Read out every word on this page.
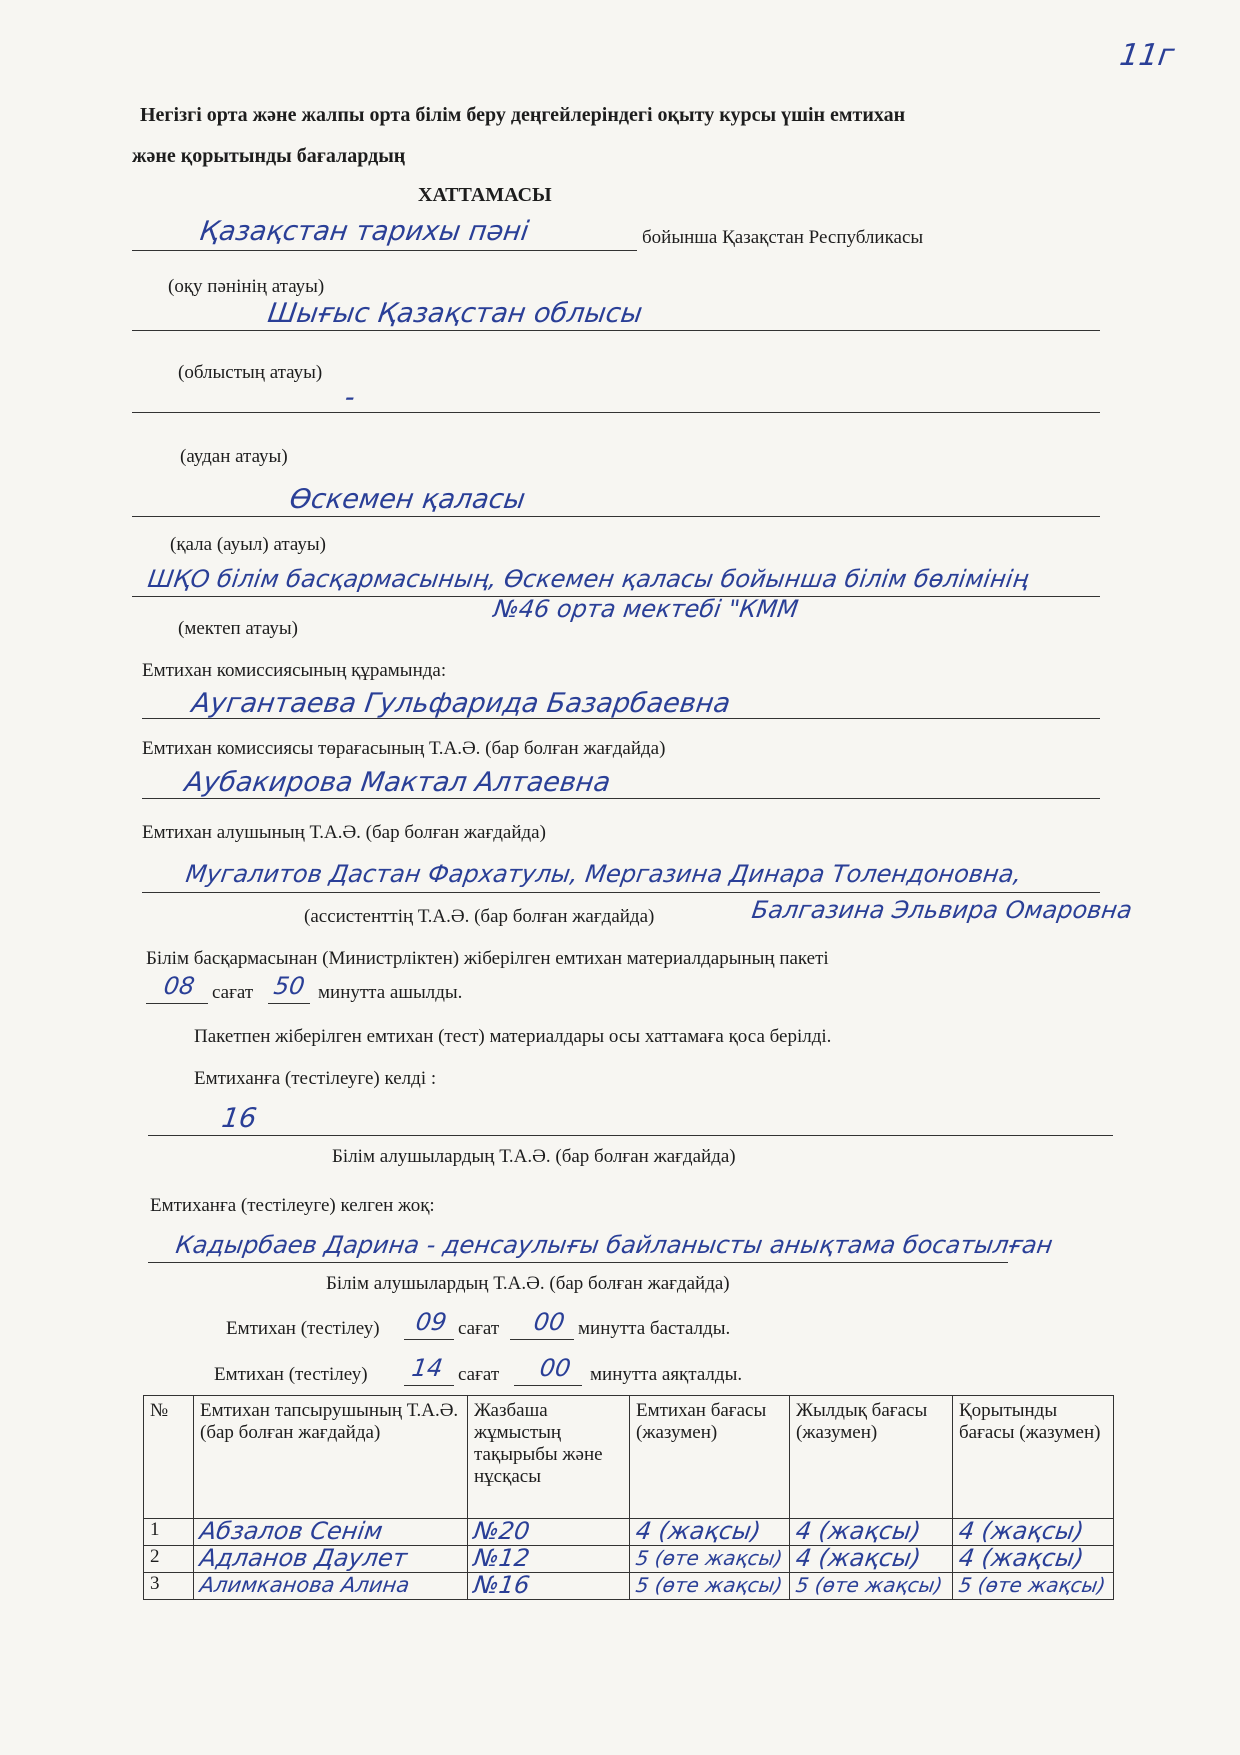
11г
Негізгі орта және жалпы орта білім беру деңгейлеріндегі оқыту курсы үшін емтихан
және қорытынды бағалардың
ХАТТАМАСЫ
Қазақстан тарихы пәні	бойынша Қазақстан Республикасы
(оқу пәнінің атауы)
Шығыс Қазақстан облысы
(облыстың атауы)
-
(аудан атауы)
Өскемен қаласы
(қала (ауыл) атауы)
ШҚО білім басқармасының, Өскемен қаласы бойынша білім бөлімінің
№46 орта мектебі "КММ
(мектеп атауы)
Емтихан комиссиясының құрамында:
Аугантаева Гульфарида Базарбаевна
Емтихан комиссиясы төрағасының Т.А.Ә. (бар болған жағдайда)
Аубакирова Мактал Алтаевна
Емтихан алушының Т.А.Ә. (бар болған жағдайда)
Мугалитов Дастан Фархатулы, Мергазина Динара Толендоновна,
(ассистенттің Т.А.Ә. (бар болған жағдайда)	Балгазина Эльвира Омаровна
Білім басқармасынан (Министрліктен) жіберілген емтихан материалдарының пакеті
08 сағат 50 минутта ашылды.
Пакетпен жіберілген емтихан (тест) материалдары осы хаттамаға қоса берілді.
Емтиханға (тестілеуге) келді :
16
Білім алушылардың Т.А.Ә. (бар болған жағдайда)
Емтиханға (тестілеуге) келген жоқ:
Кадырбаев Дарина - денсаулығы байланысты анықтама босатылған
Білім алушылардың Т.А.Ә. (бар болған жағдайда)
Емтихан (тестілеу) 09 сағат 00 минутта басталды.
Емтихан (тестілеу) 14 сағат 00 минутта аяқталды.
№	Емтихан тапсырушының Т.А.Ә. (бар болған жағдайда)	Жазбаша жұмыстың тақырыбы және нұсқасы	Емтихан бағасы (жазумен)	Жылдық бағасы (жазумен)	Қорытынды бағасы (жазумен)
1	Абзалов Сенім	№20	4 (жақсы)	4 (жақсы)	4 (жақсы)
2	Адланов Даулет	№12	5 (өте жақсы)	4 (жақсы)	4 (жақсы)
3	Алимканова Алина	№16	5 (өте жақсы)	5 (өте жақсы)	5 (өте жақсы)
